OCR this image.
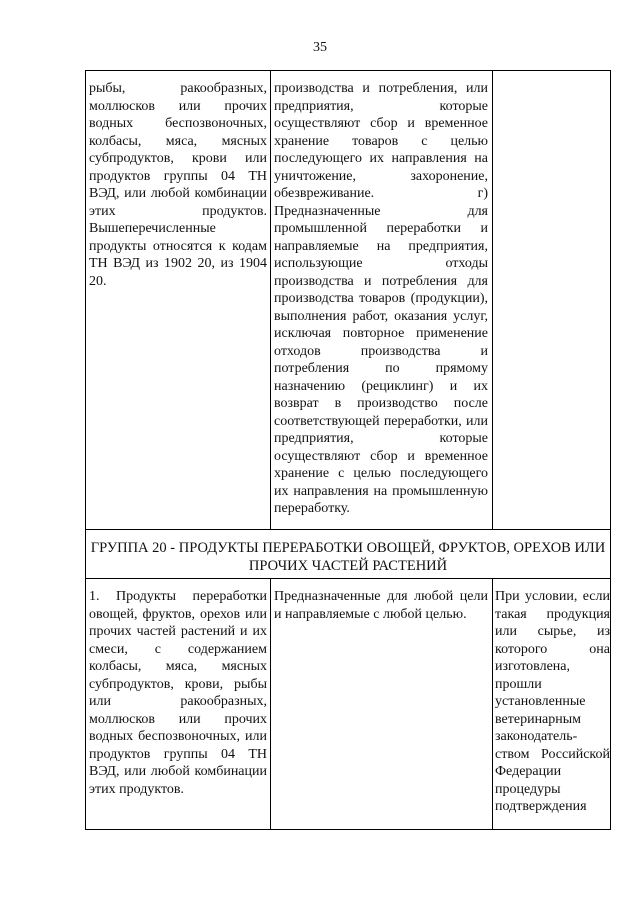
35
рыбы, ракообразных, моллюсков или прочих водных беспозвоночных, колбасы, мяса, мясных субпродуктов, крови или продуктов группы 04 ТН ВЭД, или любой комбинации этих продуктов. Вышеперечисленные продукты относятся к кодам ТН ВЭД из 1902 20, из 1904 20.
производства и потребления, или предприятия, которые осуществляют сбор и временное хранение товаров с целью последующего их направления на уничтожение, захоронение, обезвреживание. г) Предназначенные для промышленной переработки и направляемые на предприятия, использующие отходы производства и потребления для производства товаров (продукции), выполнения работ, оказания услуг, исключая повторное применение отходов производства и потребления по прямому назначению (рециклинг) и их возврат в производство после соответствующей переработки, или предприятия, которые осуществляют сбор и временное хранение с целью последующего их направления на промышленную переработку.
ГРУППА 20 - ПРОДУКТЫ ПЕРЕРАБОТКИ ОВОЩЕЙ, ФРУКТОВ, ОРЕХОВ ИЛИ ПРОЧИХ ЧАСТЕЙ РАСТЕНИЙ
1. Продукты переработки овощей, фруктов, орехов или прочих частей растений и их смеси, с содержанием колбасы, мяса, мясных субпродуктов, крови, рыбы или ракообразных, моллюсков или прочих водных беспозвоночных, или продуктов группы 04 ТН ВЭД, или любой комбинации этих продуктов.
Предназначенные для любой цели и направляемые с любой целью.
При условии, если такая продукция или сырье, из которого она изготовлена, прошли установленные ветеринарным законодатель-ством Российской Федерации процедуры подтверждения
